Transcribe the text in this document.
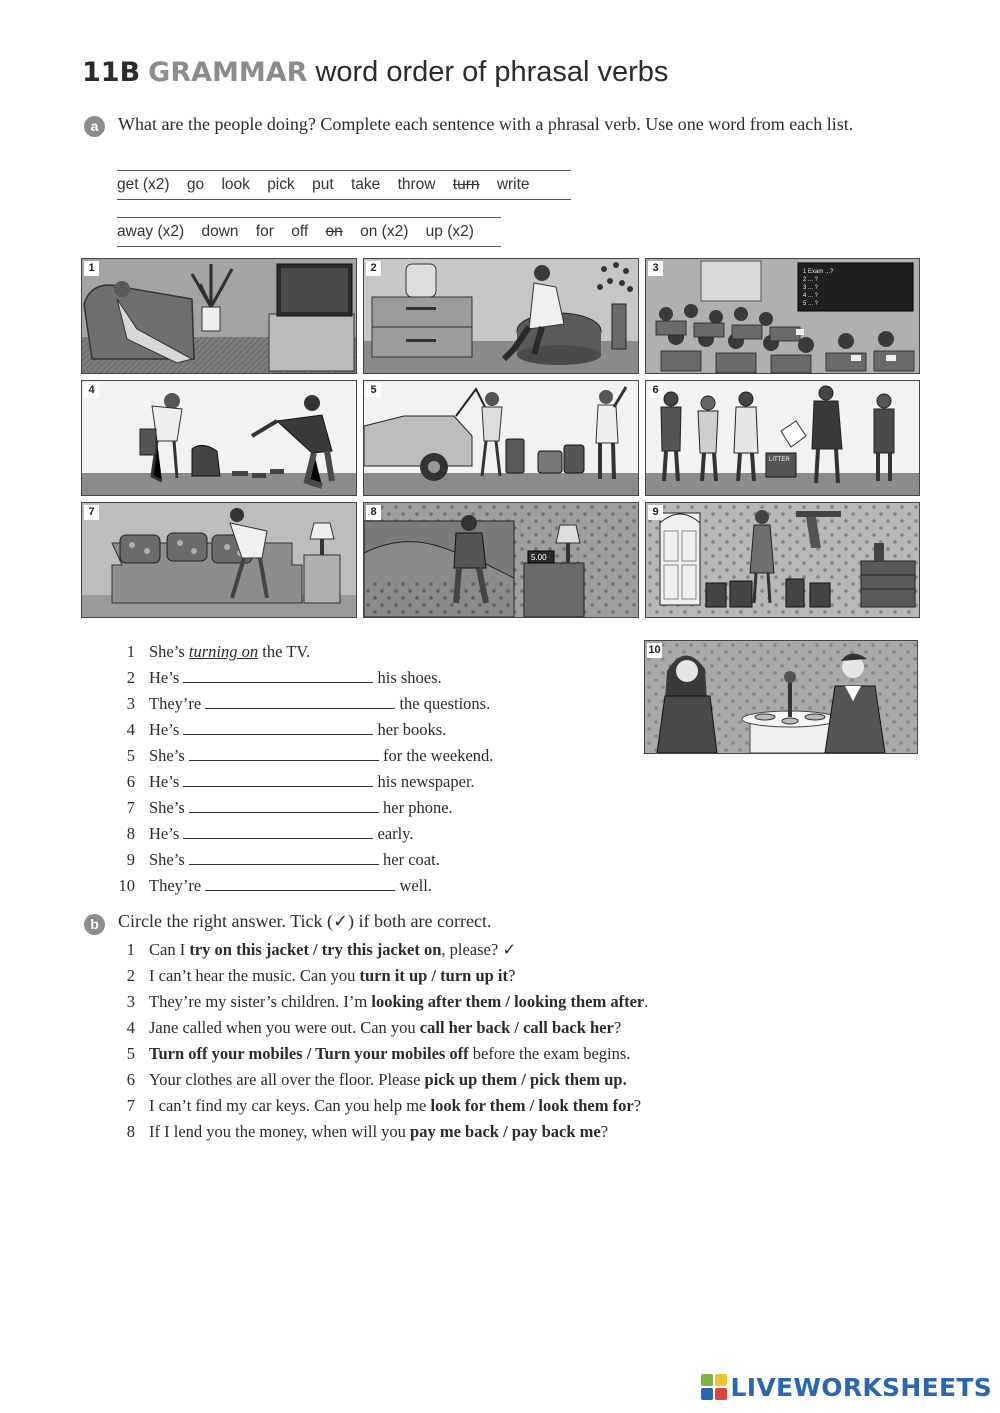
11B GRAMMAR word order of phrasal verbs
a	What are the people doing? Complete each sentence with a phrasal verb. Use one word from each list.
get (x2) go look pick put take throw turn write
away (x2) down for off on on (x2) up (x2)
1	2	3	1 Exam ...?
2 ... ?
3 ... ?
4 ... ?
5 ... ?
4	5	6
LITTER
7	8
5.00
9
10
1 She’s turning on the TV.
2 He’s	his shoes.
3 They’re	the questions.
4 He’s	her books.
5 She’s	for the weekend.
6 He’s	his newspaper.
7 She’s	her phone.
8 He’s	early.
9 She’s	her coat.
10 They’re	well.
b	Circle the right answer. Tick (✓) if both are correct.
1 Can I try on this jacket / try this jacket on, please? ✓
2 I can’t hear the music. Can you turn it up / turn up it?
3 They’re my sister’s children. I’m looking after them / looking them after.
4 Jane called when you were out. Can you call her back / call back her?
5 Turn off your mobiles / Turn your mobiles off before the exam begins.
6 Your clothes are all over the floor. Please pick up them / pick them up.
7 I can’t find my car keys. Can you help me look for them / look them for?
8 If I lend you the money, when will you pay me back / pay back me?
LIVEWORKSHEETS
